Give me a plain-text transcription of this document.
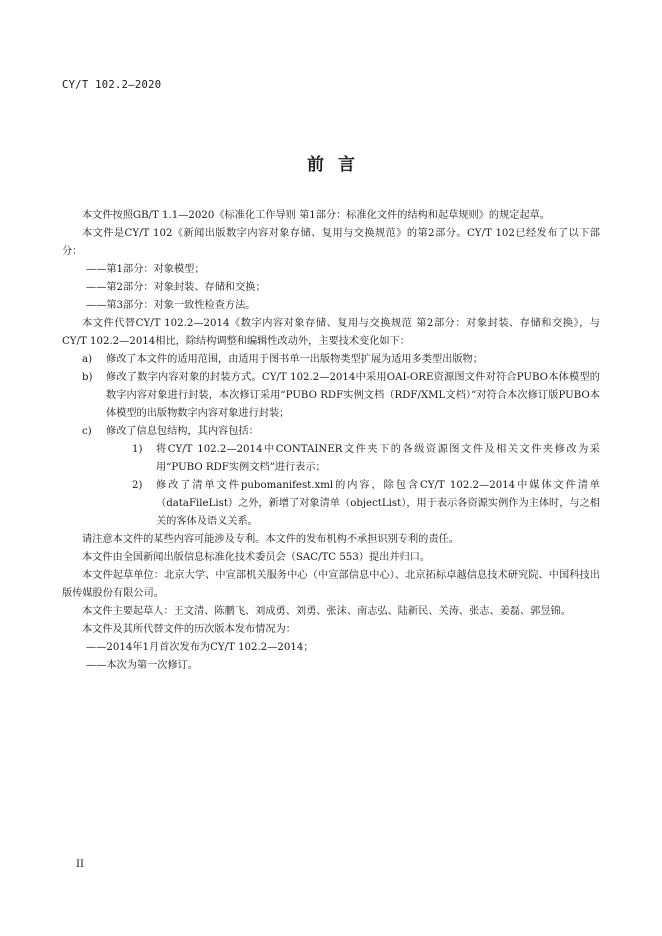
CY/T 102.2—2020
前言

本文件按照GB/T 1.1—2020《标准化工作导则 第1部分：标准化文件的结构和起草规则》的规定起草。

本文件是CY/T 102《新闻出版数字内容对象存储、复用与交换规范》的第2部分。CY/T 102已经发布了以下部分：

——第1部分：对象模型；

——第2部分：对象封装、存储和交换；

——第3部分：对象一致性检查方法。

本文件代替CY/T 102.2—2014《数字内容对象存储、复用与交换规范 第2部分：对象封装、存储和交换》，与CY/T 102.2—2014相比，除结构调整和编辑性改动外，主要技术变化如下：

a) 修改了本文件的适用范围，由适用于图书单一出版物类型扩展为适用多类型出版物；
b) 修改了数字内容对象的封装方式。CY/T 102.2—2014中采用OAI-ORE资源图文件对符合PUBO本体模型的数字内容对象进行封装，本次修订采用“PUBO RDF实例文档（RDF/XML文档）”对符合本次修订版PUBO本体模型的出版物数字内容对象进行封装；
c) 修改了信息包结构，其内容包括：
1) 将CY/T 102.2—2014中CONTAINER文件夹下的各级资源图文件及相关文件夹修改为采用“PUBO RDF实例文档”进行表示；
2) 修改了清单文件pubomanifest.xml的内容，除包含CY/T 102.2—2014中媒体文件清单（dataFileList）之外，新增了对象清单（objectList），用于表示各资源实例作为主体时，与之相关的客体及语义关系。

请注意本文件的某些内容可能涉及专利。本文件的发布机构不承担识别专利的责任。

本文件由全国新闻出版信息标准化技术委员会（SAC/TC 553）提出并归口。

本文件起草单位：北京大学、中宣部机关服务中心（中宣部信息中心）、北京拓标卓越信息技术研究院、中国科技出版传媒股份有限公司。

本文件主要起草人：王文清、陈鹏飞、刘成勇、刘勇、张沫、南志弘、陆新民、关涛、张志、姜磊、郭昱锦。

本文件及其所代替文件的历次版本发布情况为：

——2014年1月首次发布为CY/T 102.2—2014；

——本次为第一次修订。

II
